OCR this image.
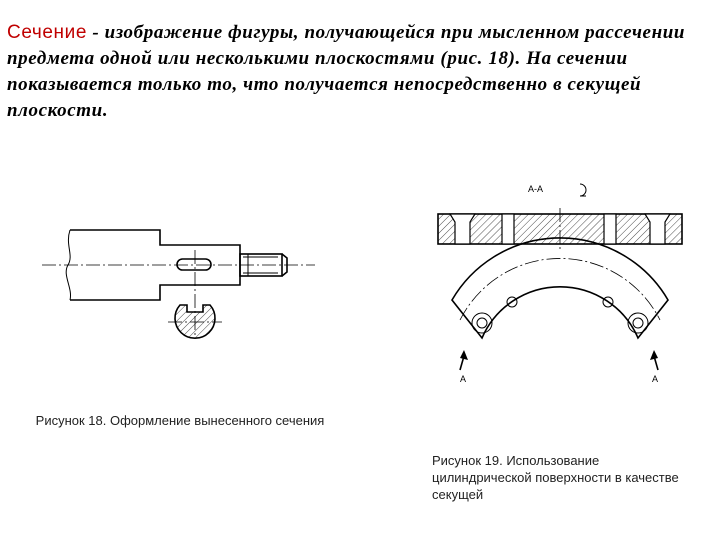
Сечение - изображение фигуры, получающейся при мысленном рассечении предмета одной или несколькими плоскостями (рис. 18). На сечении показывается только то, что получается непосредственно в секущей плоскости.

А-А
А	А
Рисунок 18. Оформление вынесенного сечения
Рисунок 19. Использование цилиндрической поверхности в качестве секущей
